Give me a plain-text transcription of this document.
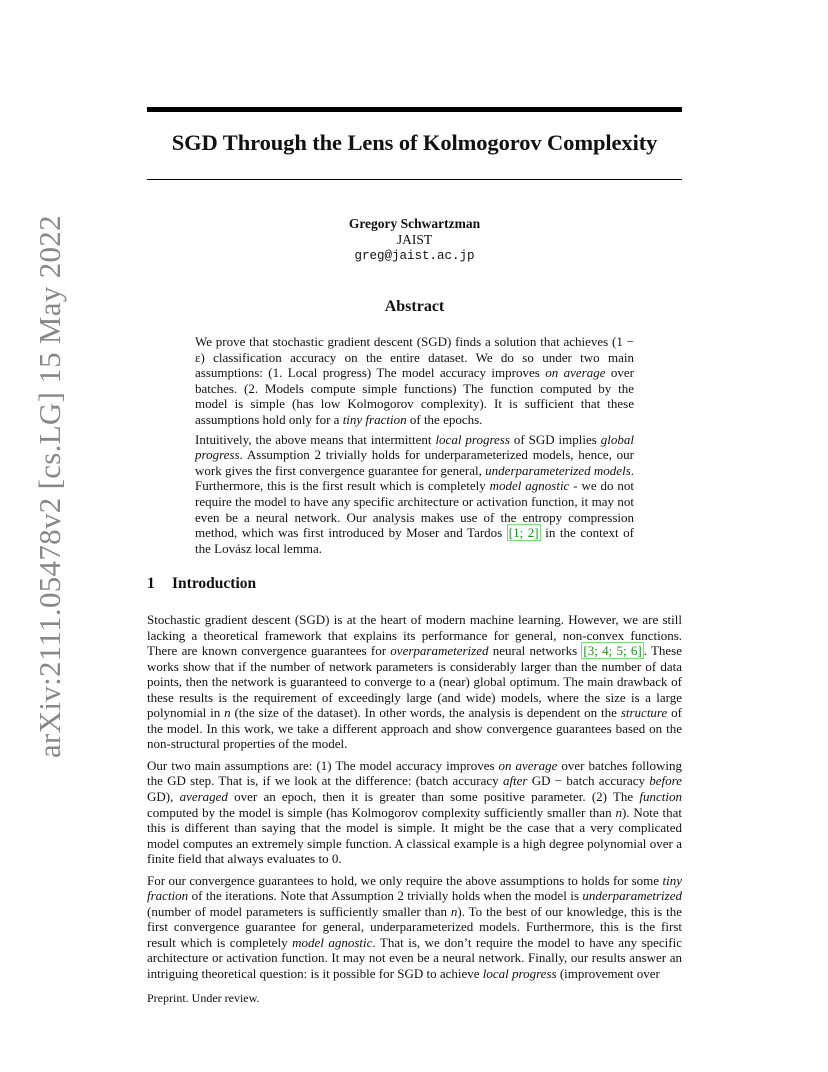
arXiv:2111.05478v2 [cs.LG] 15 May 2022
SGD Through the Lens of Kolmogorov Complexity
Gregory Schwartzman
JAIST
greg@jaist.ac.jp
Abstract

We prove that stochastic gradient descent (SGD) finds a solution that achieves (1 − ε) classification accuracy on the entire dataset. We do so under two main assumptions: (1. Local progress) The model accuracy improves on average over batches. (2. Models compute simple functions) The function computed by the model is simple (has low Kolmogorov complexity). It is sufficient that these assumptions hold only for a tiny fraction of the epochs.

Intuitively, the above means that intermittent local progress of SGD implies global progress. Assumption 2 trivially holds for underparameterized models, hence, our work gives the first convergence guarantee for general, underparameterized models. Furthermore, this is the first result which is completely model agnostic - we do not require the model to have any specific architecture or activation function, it may not even be a neural network. Our analysis makes use of the entropy compression method, which was first introduced by Moser and Tardos [1; 2] in the context of the Lovász local lemma.

1 Introduction

Stochastic gradient descent (SGD) is at the heart of modern machine learning. However, we are still lacking a theoretical framework that explains its performance for general, non-convex functions. There are known convergence guarantees for overparameterized neural networks [3; 4; 5; 6] . These works show that if the number of network parameters is considerably larger than the number of data points, then the network is guaranteed to converge to a (near) global optimum. The main drawback of these results is the requirement of exceedingly large (and wide) models, where the size is a large polynomial in n (the size of the dataset). In other words, the analysis is dependent on the structure of the model. In this work, we take a different approach and show convergence guarantees based on the non-structural properties of the model.

Our two main assumptions are: (1) The model accuracy improves on average over batches following the GD step. That is, if we look at the difference: (batch accuracy after GD − batch accuracy before GD), averaged over an epoch, then it is greater than some positive parameter. (2) The function computed by the model is simple (has Kolmogorov complexity sufficiently smaller than n). Note that this is different than saying that the model is simple. It might be the case that a very complicated model computes an extremely simple function. A classical example is a high degree polynomial over a finite field that always evaluates to 0.

For our convergence guarantees to hold, we only require the above assumptions to holds for some tiny fraction of the iterations. Note that Assumption 2 trivially holds when the model is underparametrized (number of model parameters is sufficiently smaller than n). To the best of our knowledge, this is the first convergence guarantee for general, underparameterized models. Furthermore, this is the first result which is completely model agnostic. That is, we don’t require the model to have any specific architecture or activation function. It may not even be a neural network. Finally, our results answer an intriguing theoretical question: is it possible for SGD to achieve local progress (improvement over

Preprint. Under review.
